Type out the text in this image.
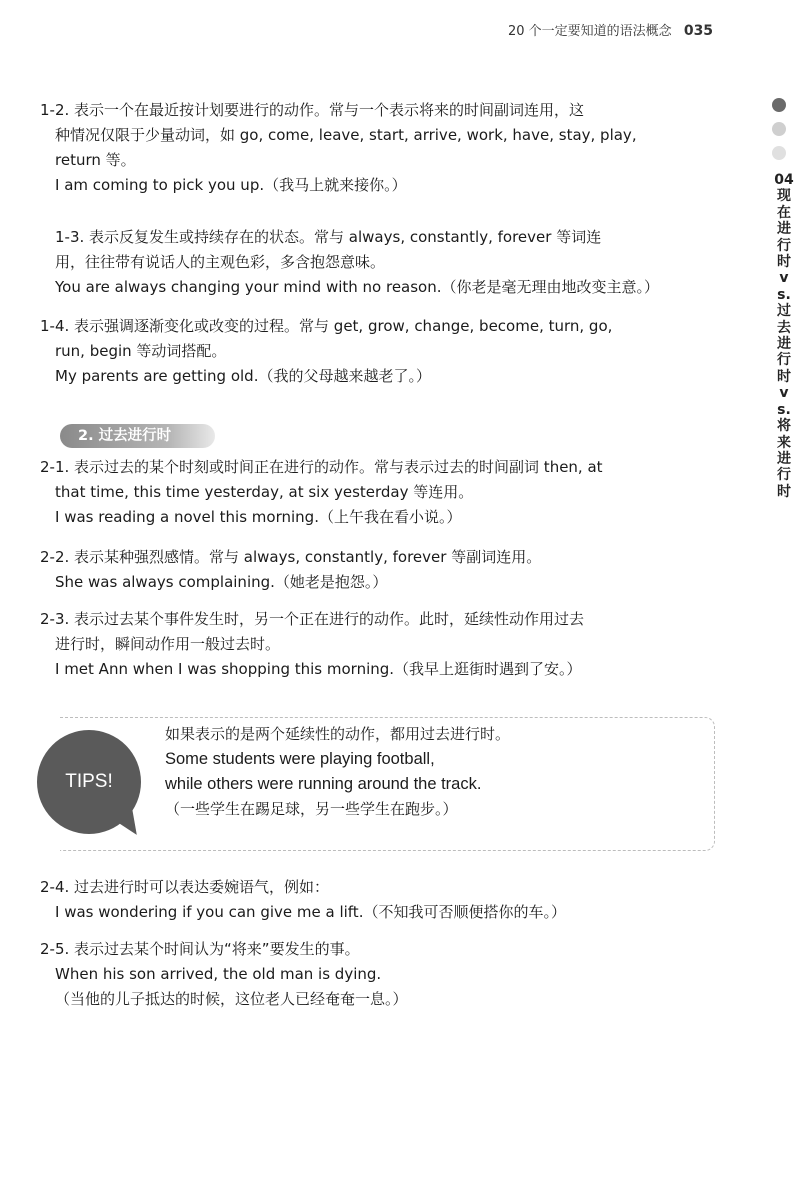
20 个一定要知道的语法概念 035
04 现在进行时 vs. 过去进行时 vs. 将来进行时
1-2. 表示一个在最近按计划要进行的动作。常与一个表示将来的时间副词连用，这
种情况仅限于少量动词，如 go, come, leave, start, arrive, work, have, stay, play,
return 等。
I am coming to pick you up.（我马上就来接你。）
1-3. 表示反复发生或持续存在的状态。常与 always, constantly, forever 等词连
用，往往带有说话人的主观色彩，多含抱怨意味。
You are always changing your mind with no reason.（你老是毫无理由地改变主意。）
1-4. 表示强调逐渐变化或改变的过程。常与 get, grow, change, become, turn, go,
run, begin 等动词搭配。
My parents are getting old.（我的父母越来越老了。）
2. 过去进行时
2-1. 表示过去的某个时刻或时间正在进行的动作。常与表示过去的时间副词 then, at
that time, this time yesterday, at six yesterday 等连用。
I was reading a novel this morning.（上午我在看小说。）
2-2. 表示某种强烈感情。常与 always, constantly, forever 等副词连用。
She was always complaining.（她老是抱怨。）
2-3. 表示过去某个事件发生时，另一个正在进行的动作。此时，延续性动作用过去
进行时，瞬间动作用一般过去时。
I met Ann when I was shopping this morning.（我早上逛街时遇到了安。）
TIPS!
如果表示的是两个延续性的动作，都用过去进行时。
Some students were playing football,
while others were running around the track.
（一些学生在踢足球，另一些学生在跑步。）
2-4. 过去进行时可以表达委婉语气，例如：
I was wondering if you can give me a lift.（不知我可否顺便搭你的车。）
2-5. 表示过去某个时间认为“将来”要发生的事。
When his son arrived, the old man is dying.
（当他的儿子抵达的时候，这位老人已经奄奄一息。）
